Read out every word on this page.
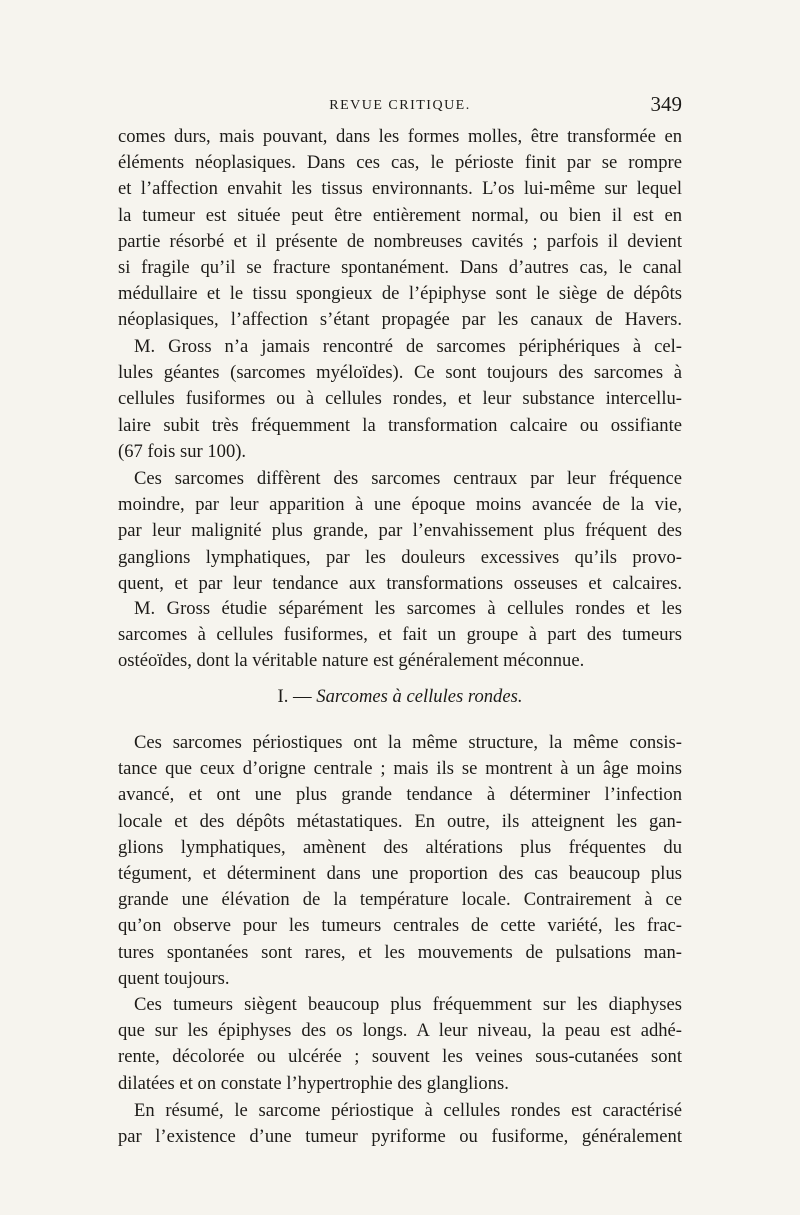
REVUE CRITIQUE.	349
comes durs, mais pouvant, dans les formes molles, être transformée en
éléments néoplasiques. Dans ces cas, le périoste finit par se rompre
et l’affection envahit les tissus environnants. L’os lui-même sur lequel
la tumeur est située peut être entièrement normal, ou bien il est en
partie résorbé et il présente de nombreuses cavités ; parfois il devient
si fragile qu’il se fracture spontanément. Dans d’autres cas, le canal
médullaire et le tissu spongieux de l’épiphyse sont le siège de dépôts
néoplasiques, l’affection s’étant propagée par les canaux de Havers.
M. Gross n’a jamais rencontré de sarcomes périphériques à cel-
lules géantes (sarcomes myéloïdes). Ce sont toujours des sarcomes à
cellules fusiformes ou à cellules rondes, et leur substance intercellu-
laire subit très fréquemment la transformation calcaire ou ossifiante
(67 fois sur 100).
Ces sarcomes diffèrent des sarcomes centraux par leur fréquence
moindre, par leur apparition à une époque moins avancée de la vie,
par leur malignité plus grande, par l’envahissement plus fréquent des
ganglions lymphatiques, par les douleurs excessives qu’ils provo-
quent, et par leur tendance aux transformations osseuses et calcaires.
M. Gross étudie séparément les sarcomes à cellules rondes et les
sarcomes à cellules fusiformes, et fait un groupe à part des tumeurs
ostéoïdes, dont la véritable nature est généralement méconnue.
I. — Sarcomes à cellules rondes.
Ces sarcomes périostiques ont la même structure, la même consis-
tance que ceux d’origne centrale ; mais ils se montrent à un âge moins
avancé, et ont une plus grande tendance à déterminer l’infection
locale et des dépôts métastatiques. En outre, ils atteignent les gan-
glions lymphatiques, amènent des altérations plus fréquentes du
tégument, et déterminent dans une proportion des cas beaucoup plus
grande une élévation de la température locale. Contrairement à ce
qu’on observe pour les tumeurs centrales de cette variété, les frac-
tures spontanées sont rares, et les mouvements de pulsations man-
quent toujours.
Ces tumeurs siègent beaucoup plus fréquemment sur les diaphyses
que sur les épiphyses des os longs. A leur niveau, la peau est adhé-
rente, décolorée ou ulcérée ; souvent les veines sous-cutanées sont
dilatées et on constate l’hypertrophie des glanglions.
En résumé, le sarcome périostique à cellules rondes est caractérisé
par l’existence d’une tumeur pyriforme ou fusiforme, généralement
